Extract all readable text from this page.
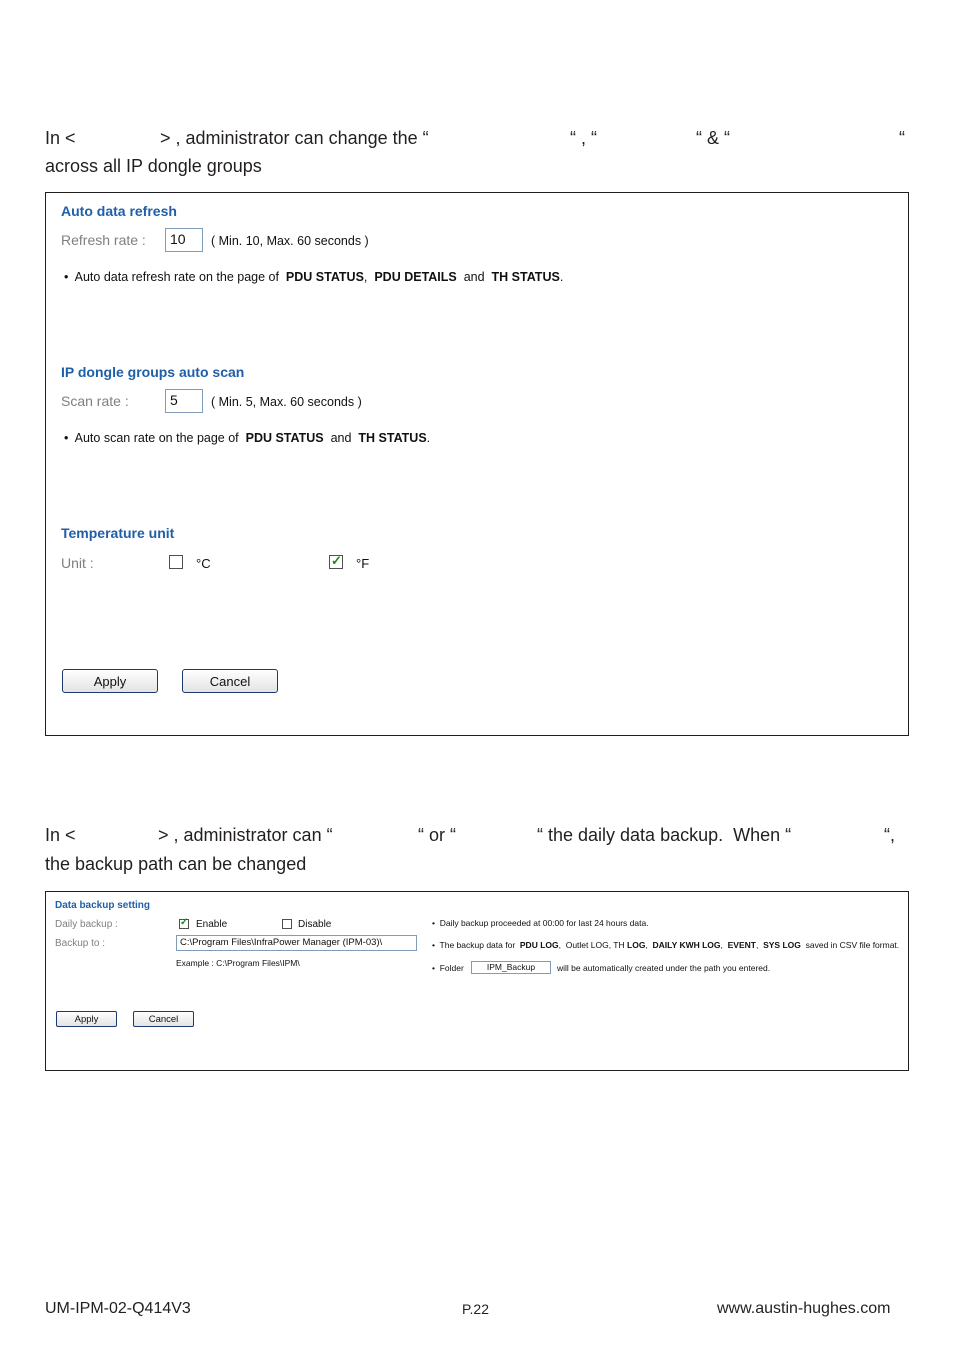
In <	> , administrator can change the “	“ , “	“ & “	“
across all IP dongle groups
Auto data refresh
Refresh rate :	10	( Min. 10, Max. 60 seconds )
•  Auto data refresh rate on the page of PDU STATUS,  PDU DETAILS and TH STATUS.
IP dongle groups auto scan
Scan rate :	5	( Min. 5, Max. 60 seconds )
•  Auto scan rate on the page of PDU STATUS and TH STATUS.
Temperature unit
Unit :	°C	✓ °F
Apply	Cancel
In <	> , administrator can “	“ or “	“ the daily data backup.  When “	“,
the backup path can be changed
Data backup setting
Daily backup :	✓ Enable	Disable
Backup to :	C:\Program Files\InfraPower Manager (IPM-03)\
Example : C:\Program Files\IPM\
•  Daily backup proceeded at 00:00 for last 24 hours data.
•  The backup data for PDU LOG,  Outlet LOG, TH LOG,  DAILY KWH LOG,  EVENT,  SYS LOG saved in CSV file format.
•  Folder	IPM_Backup	will be automatically created under the path you entered.
Apply	Cancel
UM-IPM-02-Q414V3	P.22	www.austin-hughes.com
